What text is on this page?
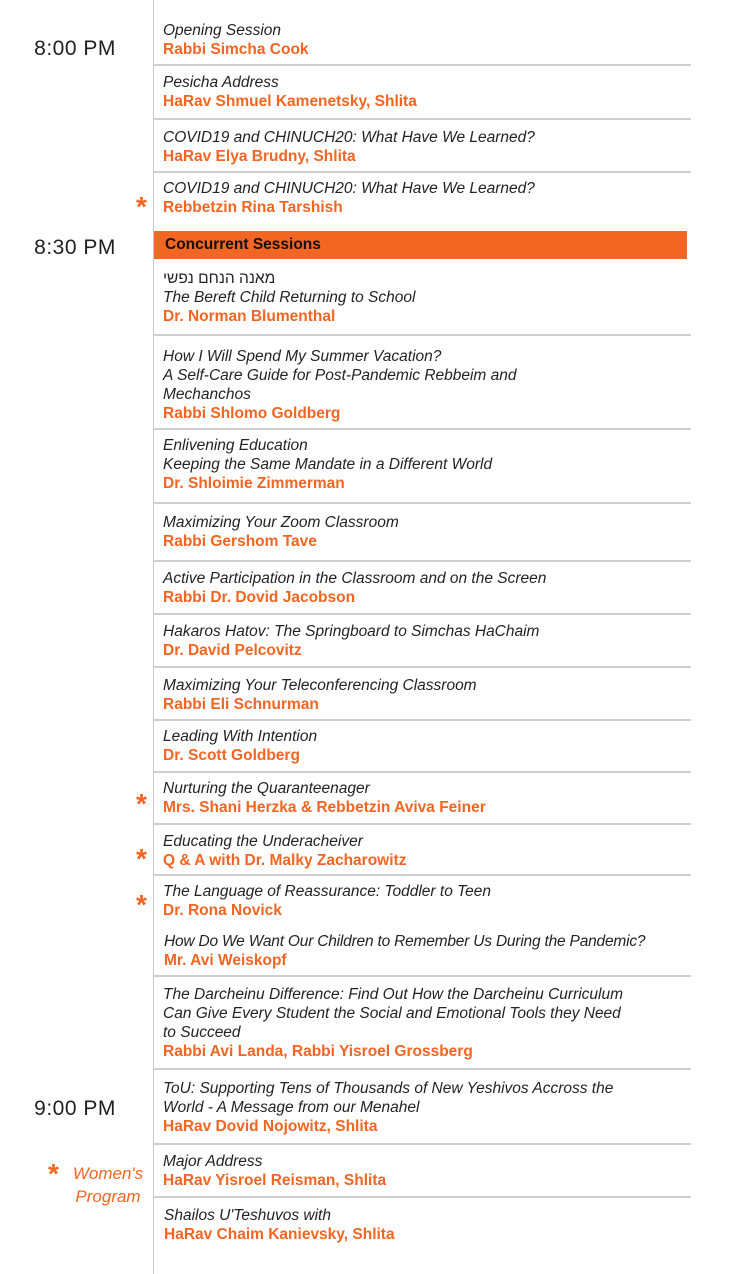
8:00 PM
8:30 PM
9:00 PM
*
*
*
*
* Women's
Program
Opening Session
Rabbi Simcha Cook
Pesicha Address
HaRav Shmuel Kamenetsky, Shlita
COVID19 and CHINUCH20: What Have We Learned?
HaRav Elya Brudny, Shlita
COVID19 and CHINUCH20: What Have We Learned?
Rebbetzin Rina Tarshish
Concurrent Sessions
מאנה הנחם נפשי
The Bereft Child Returning to School
Dr. Norman Blumenthal
How I Will Spend My Summer Vacation?
A Self-Care Guide for Post-Pandemic Rebbeim and
Mechanchos
Rabbi Shlomo Goldberg
Enlivening Education
Keeping the Same Mandate in a Different World
Dr. Shloimie Zimmerman
Maximizing Your Zoom Classroom
Rabbi Gershom Tave
Active Participation in the Classroom and on the Screen
Rabbi Dr. Dovid Jacobson
Hakaros Hatov: The Springboard to Simchas HaChaim
Dr. David Pelcovitz
Maximizing Your Teleconferencing Classroom
Rabbi Eli Schnurman
Leading With Intention
Dr. Scott Goldberg
Nurturing the Quaranteenager
Mrs. Shani Herzka & Rebbetzin Aviva Feiner
Educating the Underacheiver
Q & A with Dr. Malky Zacharowitz
The Language of Reassurance: Toddler to Teen
Dr. Rona Novick
How Do We Want Our Children to Remember Us During the Pandemic?
Mr. Avi Weiskopf
The Darcheinu Difference: Find Out How the Darcheinu Curriculum
Can Give Every Student the Social and Emotional Tools they Need
to Succeed
Rabbi Avi Landa, Rabbi Yisroel Grossberg
ToU: Supporting Tens of Thousands of New Yeshivos Accross the
World - A Message from our Menahel
HaRav Dovid Nojowitz, Shlita
Major Address
HaRav Yisroel Reisman, Shlita
Shailos U'Teshuvos with
HaRav Chaim Kanievsky, Shlita
